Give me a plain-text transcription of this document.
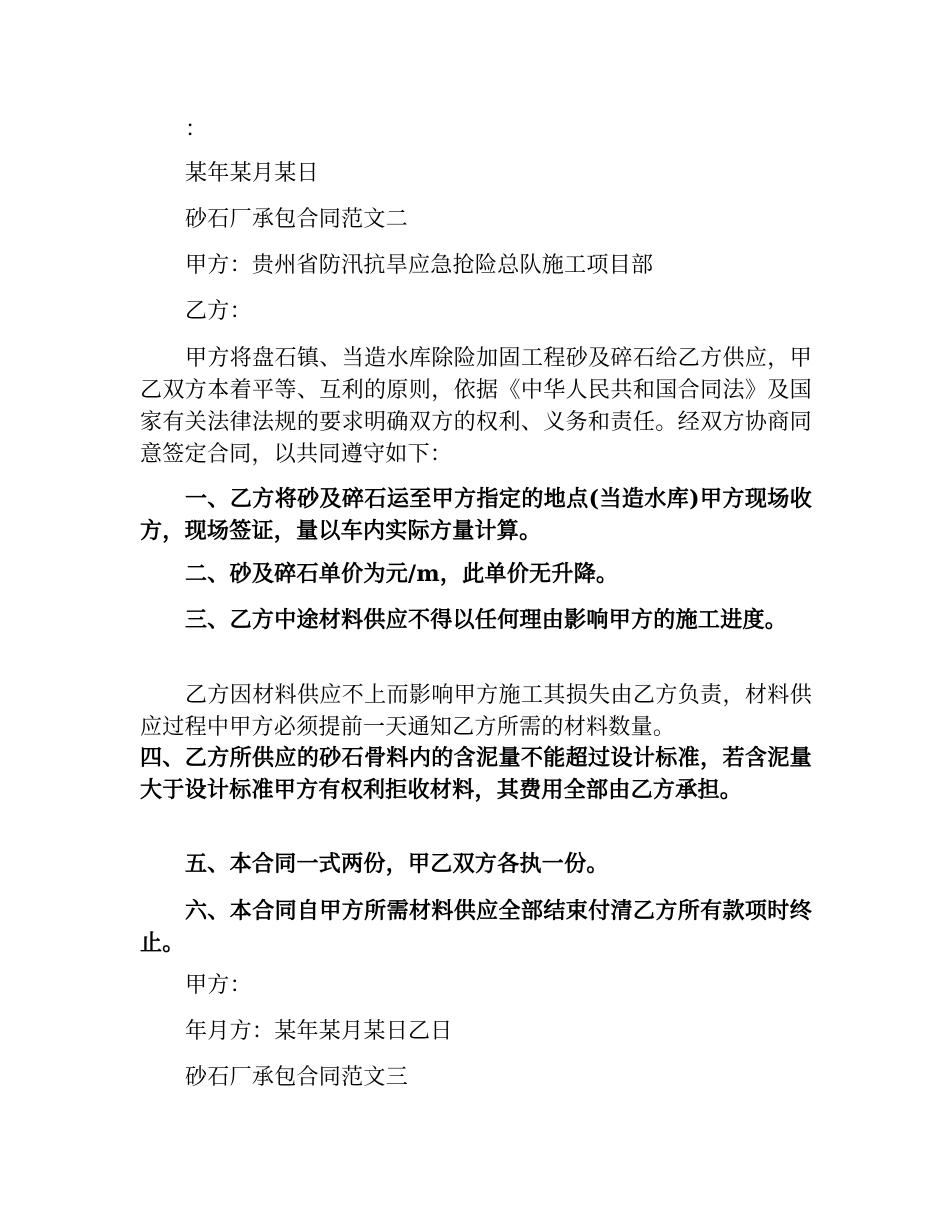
：

某年某月某日

砂石厂承包合同范文二

甲方：贵州省防汛抗旱应急抢险总队施工项目部

乙方：

甲方将盘石镇、当造水库除险加固工程砂及碎石给乙方供应，甲乙双方本着平等、互利的原则，依据《中华人民共和国合同法》及国家有关法律法规的要求明确双方的权利、义务和责任。经双方协商同意签定合同，以共同遵守如下：

一、乙方将砂及碎石运至甲方指定的地点(当造水库)甲方现场收方，现场签证，量以车内实际方量计算。

二、砂及碎石单价为元/m，此单价无升降。

三、乙方中途材料供应不得以任何理由影响甲方的施工进度。

乙方因材料供应不上而影响甲方施工其损失由乙方负责，材料供应过程中甲方必须提前一天通知乙方所需的材料数量。

四、乙方所供应的砂石骨料内的含泥量不能超过设计标准，若含泥量大于设计标准甲方有权利拒收材料，其费用全部由乙方承担。

五、本合同一式两份，甲乙双方各执一份。

六、本合同自甲方所需材料供应全部结束付清乙方所有款项时终止。

甲方：

年月方：某年某月某日乙日

砂石厂承包合同范文三
